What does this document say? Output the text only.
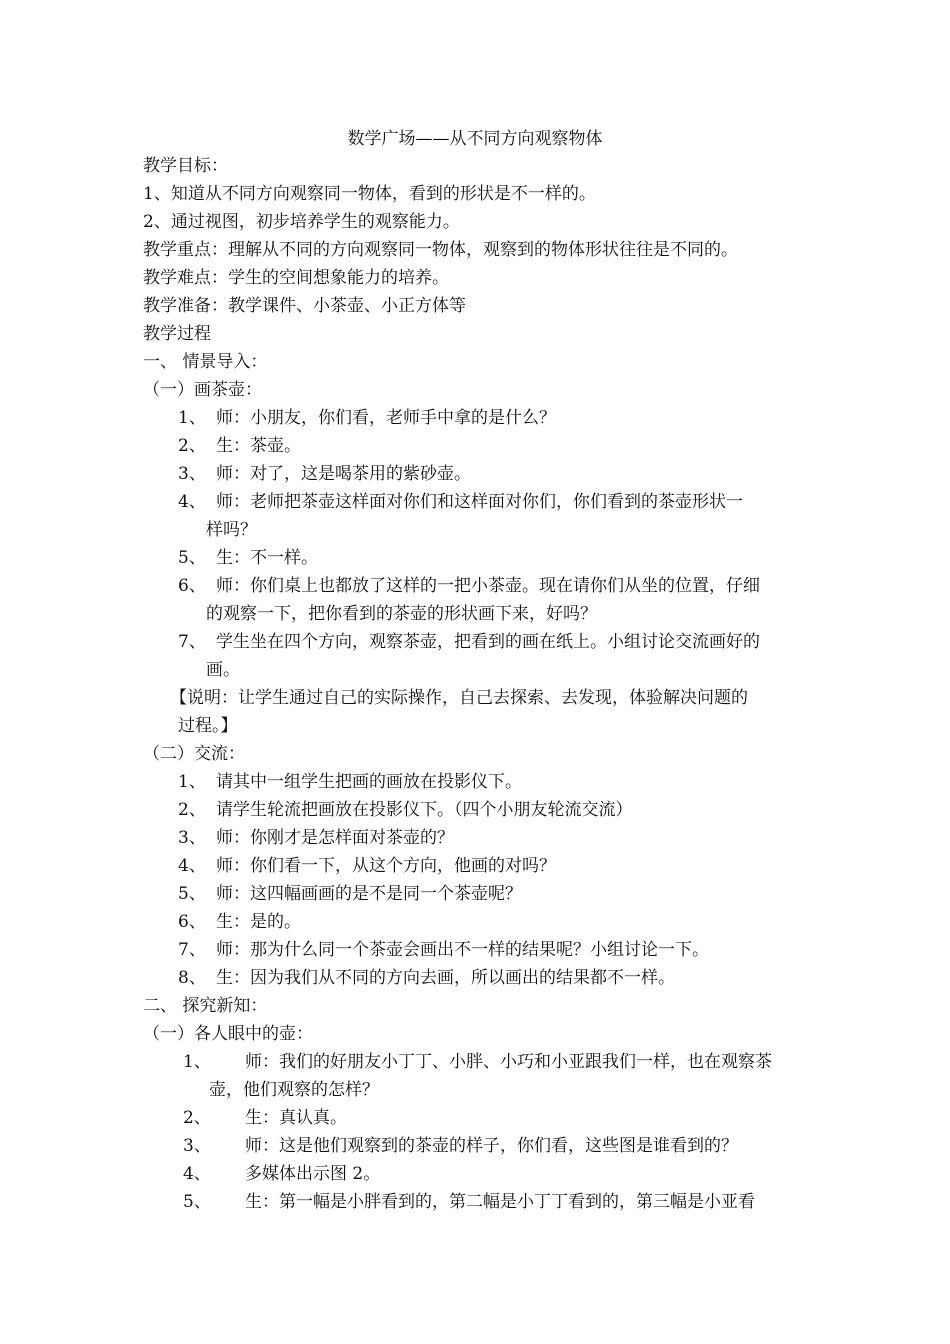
数学广场——从不同方向观察物体
教学目标：
1、知道从不同方向观察同一物体，看到的形状是不一样的。
2、通过视图，初步培养学生的观察能力。
教学重点：理解从不同的方向观察同一物体，观察到的物体形状往往是不同的。
教学难点：学生的空间想象能力的培养。
教学准备：教学课件、小茶壶、小正方体等
教学过程
一、 情景导入：
（一）画茶壶：
1、 师：小朋友，你们看，老师手中拿的是什么？
2、 生：茶壶。
3、 师：对了，这是喝茶用的紫砂壶。
4、 师：老师把茶壶这样面对你们和这样面对你们，你们看到的茶壶形状一
样吗？
5、 生：不一样。
6、 师：你们桌上也都放了这样的一把小茶壶。现在请你们从坐的位置，仔细
的观察一下，把你看到的茶壶的形状画下来，好吗？
7、 学生坐在四个方向，观察茶壶，把看到的画在纸上。小组讨论交流画好的
画。
【说明：让学生通过自己的实际操作，自己去探索、去发现，体验解决问题的
过程。】
（二）交流：
1、 请其中一组学生把画的画放在投影仪下。
2、 请学生轮流把画放在投影仪下。（四个小朋友轮流交流）
3、 师：你刚才是怎样面对茶壶的？
4、 师：你们看一下，从这个方向，他画的对吗？
5、 师：这四幅画画的是不是同一个茶壶呢？
6、 生：是的。
7、 师：那为什么同一个茶壶会画出不一样的结果呢？小组讨论一下。
8、 生：因为我们从不同的方向去画，所以画出的结果都不一样。
二、 探究新知：
（一）各人眼中的壶：
1、 师：我们的好朋友小丁丁、小胖、小巧和小亚跟我们一样，也在观察茶
壶，他们观察的怎样？
2、 生：真认真。
3、 师：这是他们观察到的茶壶的样子，你们看，这些图是谁看到的？
4、 多媒体出示图 2。
5、 生：第一幅是小胖看到的，第二幅是小丁丁看到的，第三幅是小亚看
